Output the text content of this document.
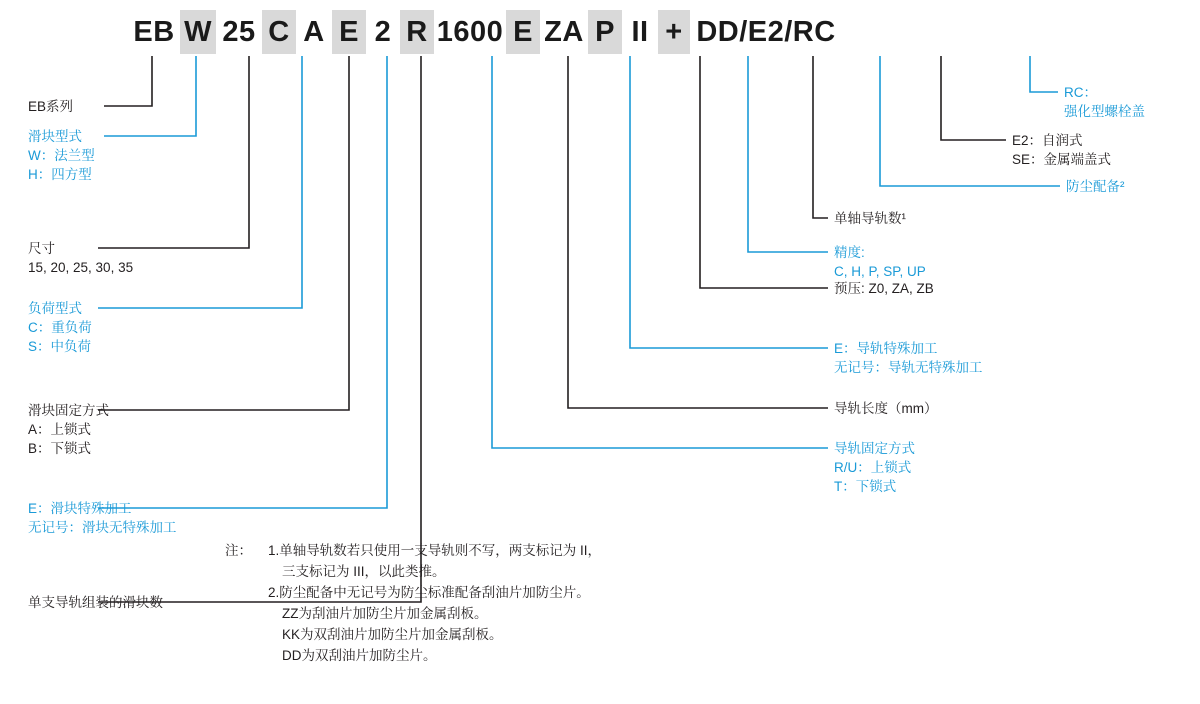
EB W 25 C A E 2 R 1600 E ZA P II + DD/E2/RC
EB系列
滑块型式
W：法兰型
H：四方型
尺寸
15, 20, 25, 30, 35
负荷型式
C：重负荷
S：中负荷
滑块固定方式
A：上锁式
B：下锁式
E：滑块特殊加工
无记号：滑块无特殊加工
单支导轨组装的滑块数
RC：
强化型螺栓盖
E2：自润式
SE：金属端盖式
防尘配备²
单轴导轨数¹
精度:
C, H, P, SP, UP
预压: Z0, ZA, ZB
E：导轨特殊加工
无记号：导轨无特殊加工
导轨长度（mm）
导轨固定方式
R/U：上锁式
T：下锁式
注： 1.单轴导轨数若只使用一支导轨则不写，两支标记为 II，
三支标记为 III，以此类推。
2.防尘配备中无记号为防尘标准配备刮油片加防尘片。
ZZ为刮油片加防尘片加金属刮板。
KK为双刮油片加防尘片加金属刮板。
DD为双刮油片加防尘片。
